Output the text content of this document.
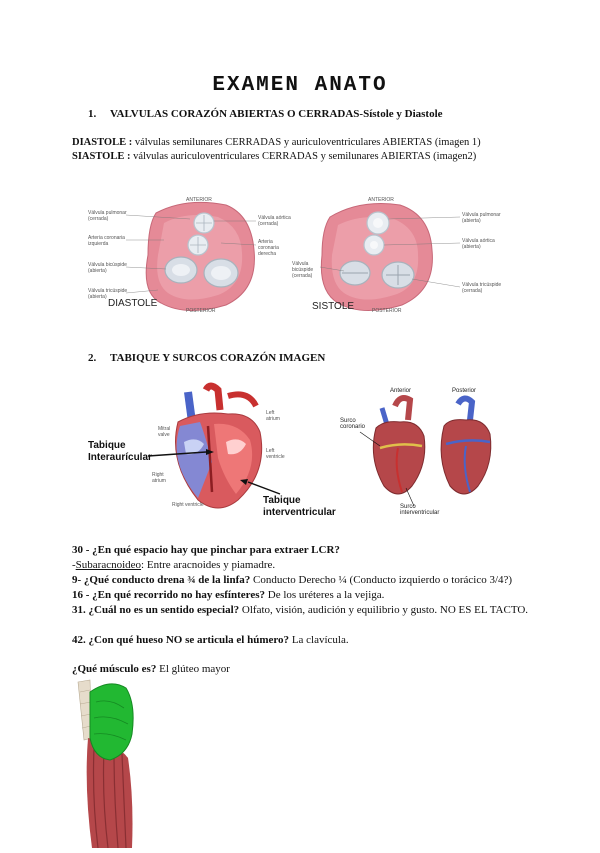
EXAMEN ANATO
1. VALVULAS CORAZÓN ABIERTAS O CERRADAS-Sístole y Diastole
DIASTOLE : válvulas semilunares CERRADAS y auriculoventriculares ABIERTAS (imagen 1)
SIASTOLE : válvulas auriculoventriculares CERRADAS y semilunares ABIERTAS (imagen2)
ANTERIOR
POSTERIOR
Válvula pulmonar
(cerrada)
Arteria coronaria
izquierda
Válvula bicúspide
(abierta)
Válvula tricúspide
(abierta)
Válvula aórtica
(cerrada)
Arteria
coronaria
derecha
DIASTOLE
ANTERIOR
POSTERIOR
Válvula pulmonar
(abierta)
Válvula aórtica
(abierta)
Válvula
bicúspide
(cerrada)
Válvula tricúspide
(cerrada)
SISTOLE
2. TABIQUE Y SURCOS CORAZÓN IMAGEN
Tabique
Interaurícular
Tabique
interventricular
Left
atrium
Left
ventricle
Mitral
valve
Right
atrium
Right ventricle
Anterior	Posterior
Surco
coronario
Surco
interventricular
30 - ¿En qué espacio hay que pinchar para extraer LCR?
-Subaracnoideo: Entre aracnoides y piamadre.
9- ¿Qué conducto drena ¾ de la linfa? Conducto Derecho ¼ (Conducto izquierdo o torácico 3/4?)
16 - ¿En qué recorrido no hay esfínteres? De los uréteres a la vejiga.
31. ¿Cuál no es un sentido especial? Olfato, visión, audición y equilibrio y gusto. NO ES EL TACTO.
42. ¿Con qué hueso NO se articula el húmero? La clavícula.
¿Qué músculo es? El glúteo mayor
